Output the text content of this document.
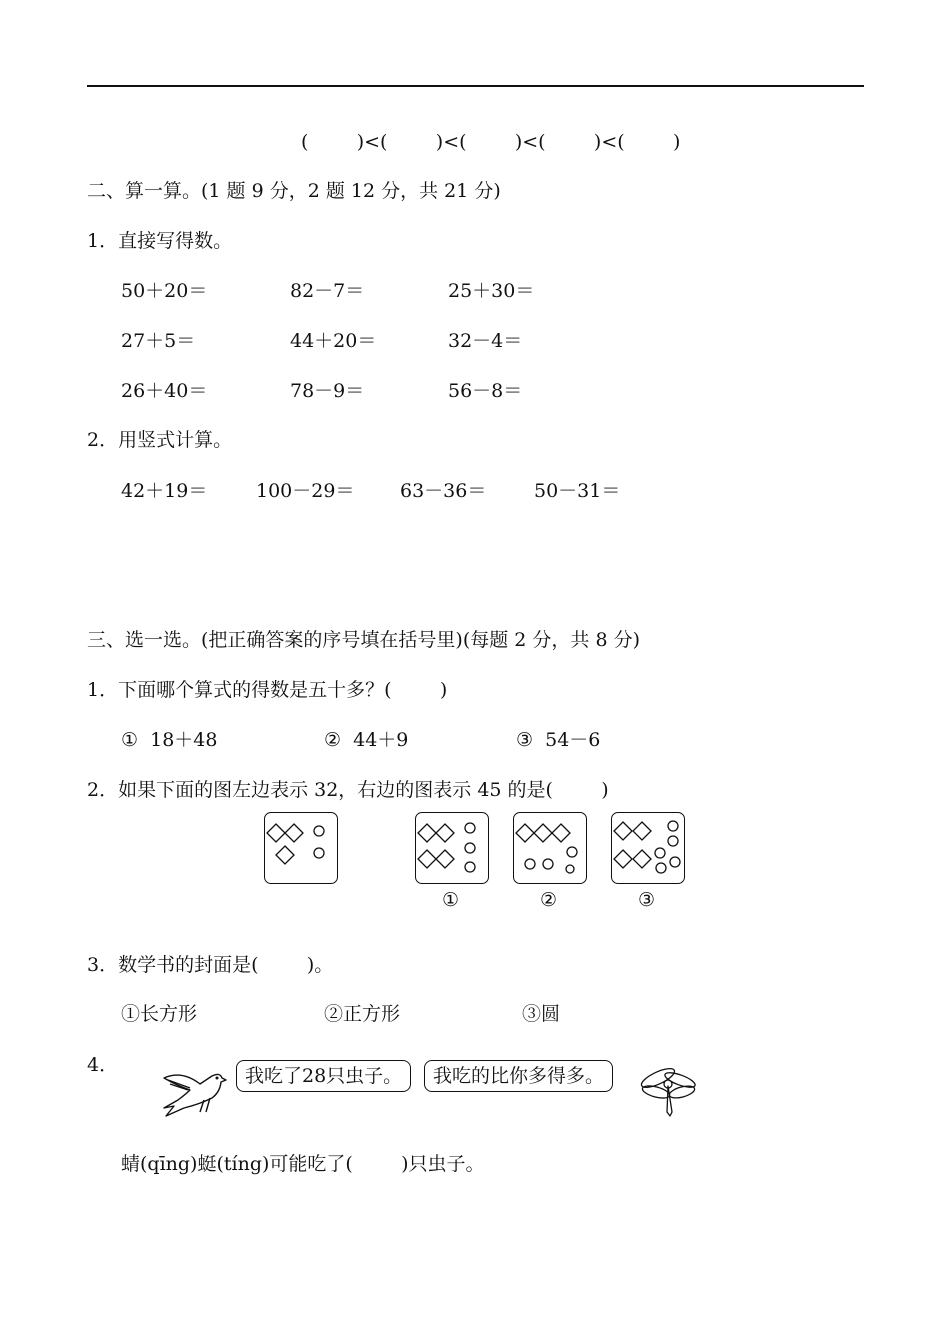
(        )<(        )<(        )<(        )<(        )
二、算一算。(1 题 9 分，2 题 12 分，共 21 分)
1．直接写得数。
50＋20＝	82－7＝	25＋30＝
27＋5＝	44＋20＝	32－4＝
26＋40＝	78－9＝	56－8＝
2．用竖式计算。
42＋19＝	100－29＝ 63－36＝	50－31＝
三、选一选。(把正确答案的序号填在括号里)(每题 2 分，共 8 分)
1．下面哪个算式的得数是五十多？(        )
①  18＋48	②  44＋9	③  54－6
2．如果下面的图左边表示 32，右边的图表示 45 的是(        )
①	②	③
3．数学书的封面是(        )。
①长方形	②正方形	③圆
4．	我吃了28只虫子。	我吃的比你多得多。
蜻(qīng)蜓(tíng)可能吃了(        )只虫子。
